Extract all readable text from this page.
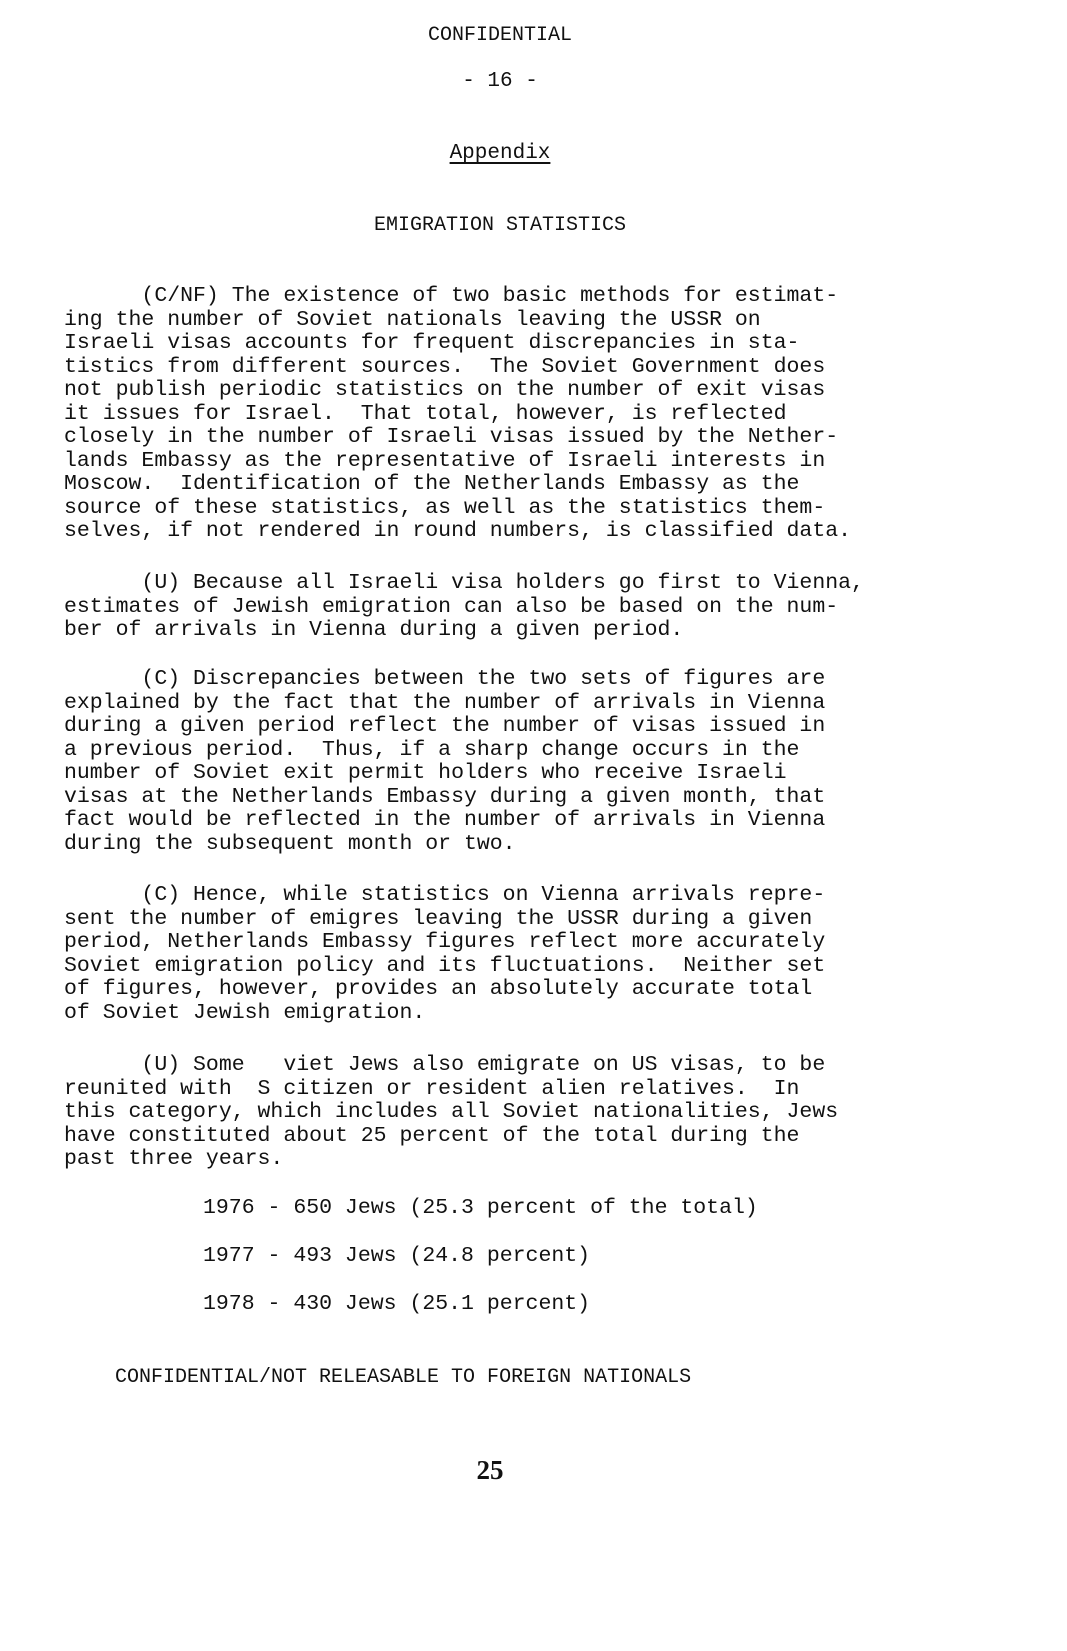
CONFIDENTIAL
- 16 -
Appendix
EMIGRATION STATISTICS

(C/NF) The existence of two basic methods for estimat-
ing the number of Soviet nationals leaving the USSR on
Israeli visas accounts for frequent discrepancies in sta-
tistics from different sources.  The Soviet Government does
not publish periodic statistics on the number of exit visas
it issues for Israel.  That total, however, is reflected
closely in the number of Israeli visas issued by the Nether-
lands Embassy as the representative of Israeli interests in
Moscow.  Identification of the Netherlands Embassy as the
source of these statistics, as well as the statistics them-
selves, if not rendered in round numbers, is classified data.

(U) Because all Israeli visa holders go first to Vienna,
estimates of Jewish emigration can also be based on the num-
ber of arrivals in Vienna during a given period.

(C) Discrepancies between the two sets of figures are
explained by the fact that the number of arrivals in Vienna
during a given period reflect the number of visas issued in
a previous period.  Thus, if a sharp change occurs in the
number of Soviet exit permit holders who receive Israeli
visas at the Netherlands Embassy during a given month, that
fact would be reflected in the number of arrivals in Vienna
during the subsequent month or two.

(C) Hence, while statistics on Vienna arrivals repre-
sent the number of emigres leaving the USSR during a given
period, Netherlands Embassy figures reflect more accurately
Soviet emigration policy and its fluctuations.  Neither set
of figures, however, provides an absolutely accurate total
of Soviet Jewish emigration.

(U) Some   viet Jews also emigrate on US visas, to be
reunited with  S citizen or resident alien relatives.  In
this category, which includes all Soviet nationalities, Jews
have constituted about 25 percent of the total during the
past three years.

1976 - 650 Jews (25.3 percent of the total)
1977 - 493 Jews (24.8 percent)
1978 - 430 Jews (25.1 percent)
CONFIDENTIAL/NOT RELEASABLE TO FOREIGN NATIONALS
25
